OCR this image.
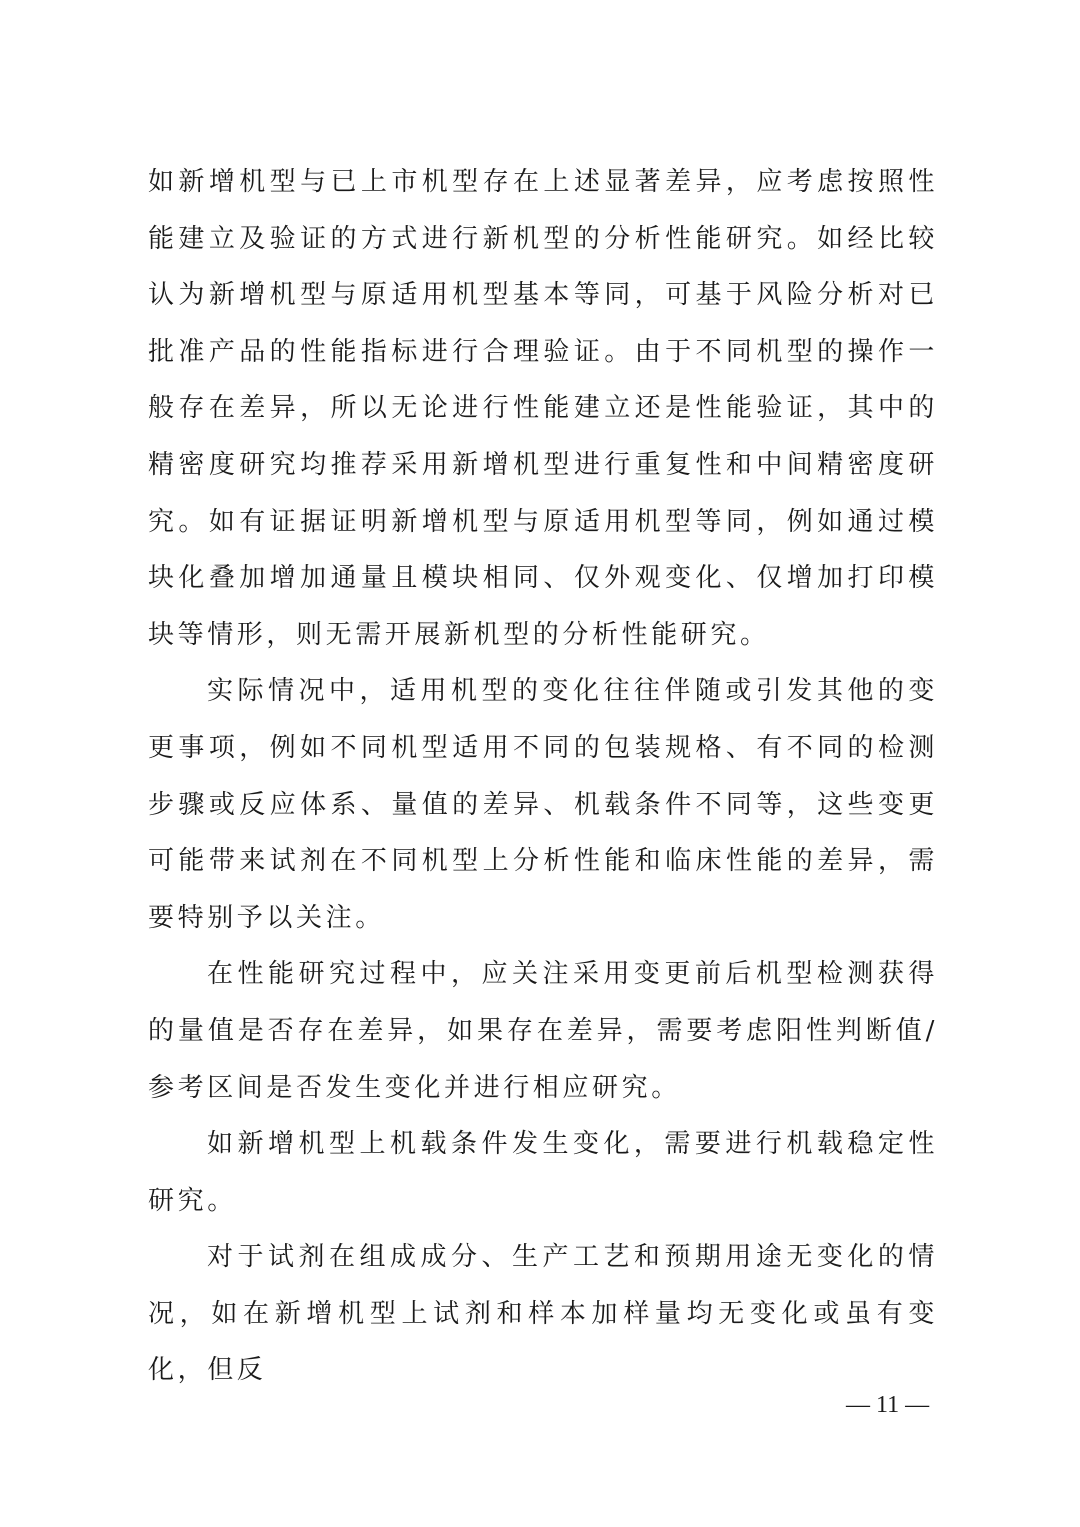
如新增机型与已上市机型存在上述显著差异，应考虑按照性能建立及验证的方式进行新机型的分析性能研究。如经比较认为新增机型与原适用机型基本等同，可基于风险分析对已批准产品的性能指标进行合理验证。由于不同机型的操作一般存在差异，所以无论进行性能建立还是性能验证，其中的精密度研究均推荐采用新增机型进行重复性和中间精密度研究。如有证据证明新增机型与原适用机型等同，例如通过模块化叠加增加通量且模块相同、仅外观变化、仅增加打印模块等情形，则无需开展新机型的分析性能研究。

实际情况中，适用机型的变化往往伴随或引发其他的变更事项，例如不同机型适用不同的包装规格、有不同的检测步骤或反应体系、量值的差异、机载条件不同等，这些变更可能带来试剂在不同机型上分析性能和临床性能的差异，需要特别予以关注。

在性能研究过程中，应关注采用变更前后机型检测获得的量值是否存在差异，如果存在差异，需要考虑阳性判断值/参考区间是否发生变化并进行相应研究。

如新增机型上机载条件发生变化，需要进行机载稳定性研究。

对于试剂在组成成分、生产工艺和预期用途无变化的情况，如在新增机型上试剂和样本加样量均无变化或虽有变化，但反

— 11 —
